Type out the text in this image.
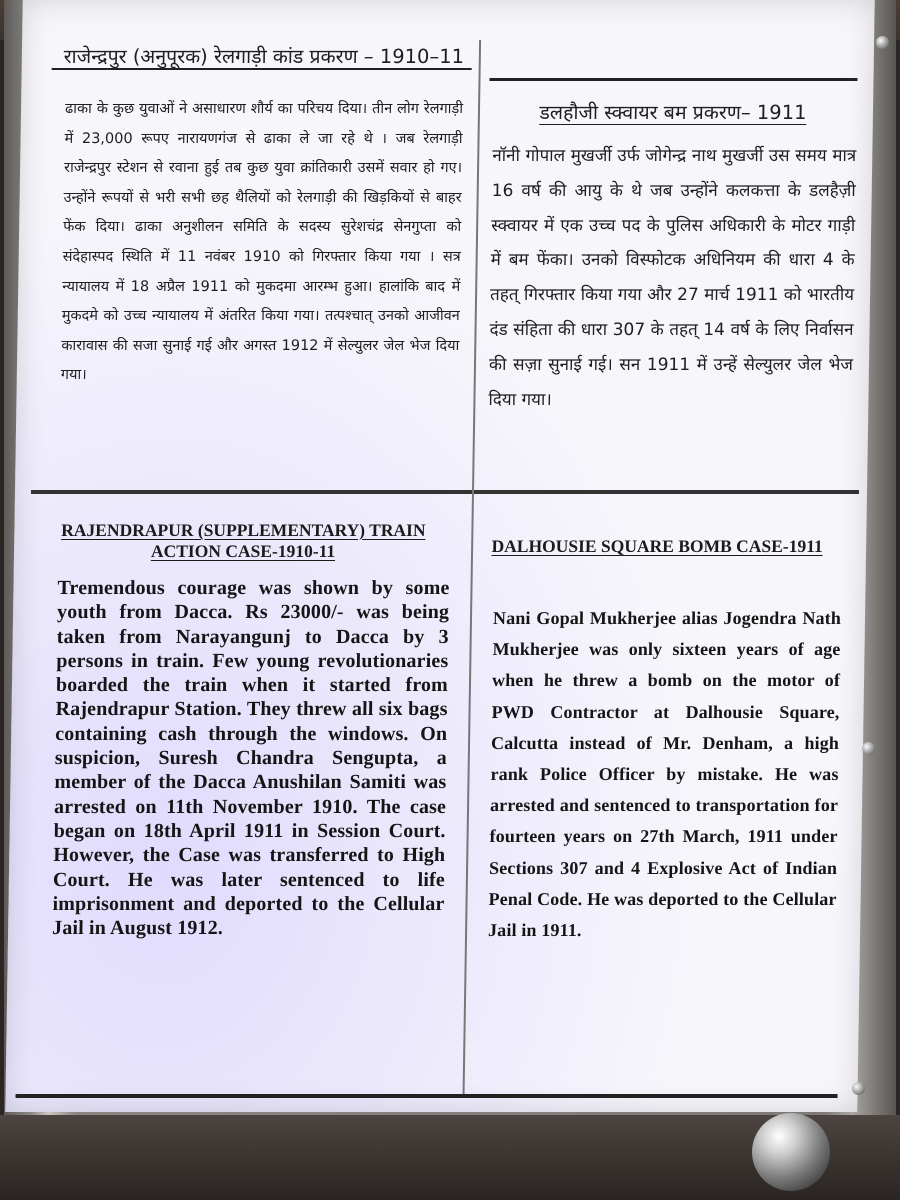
राजेन्द्रपुर (अनुपूरक) रेलगाड़ी कांड प्रकरण – 1910–11

ढाका के कुछ युवाओं ने असाधारण शौर्य का परिचय दिया। तीन लोग रेलगाड़ी में 23,000 रूपए नारायणगंज से ढाका ले जा रहे थे । जब रेलगाड़ी राजेन्द्रपुर स्टेशन से रवाना हुई तब कुछ युवा क्रांतिकारी उसमें सवार हो गए। उन्होंने रूपयों से भरी सभी छह थैलियों को रेलगाड़ी की खिड़कियों से बाहर फेंक दिया। ढाका अनुशीलन समिति के सदस्य सुरेशचंद्र सेनगुप्ता को संदेहास्पद स्थिति में 11 नवंबर 1910 को गिरफ्तार किया गया । सत्र न्यायालय में 18 अप्रैल 1911 को मुकदमा आरम्भ हुआ। हालांकि बाद में मुकदमे को उच्च न्यायालय में अंतरित किया गया। तत्पश्चात् उनको आजीवन कारावास की सजा सुनाई गई और अगस्त 1912 में सेल्युलर जेल भेज दिया गया।

डलहौजी स्क्वायर बम प्रकरण– 1911

नॉनी गोपाल मुखर्जी उर्फ जोगेन्द्र नाथ मुखर्जी उस समय मात्र 16 वर्ष की आयु के थे जब उन्होंने कलकत्ता के डलहैज़ी स्क्वायर में एक उच्च पद के पुलिस अधिकारी के मोटर गाड़ी में बम फेंका। उनको विस्फोटक अधिनियम की धारा 4 के तहत् गिरफ्तार किया गया और 27 मार्च 1911 को भारतीय दंड संहिता की धारा 307 के तहत् 14 वर्ष के लिए निर्वासन की सज़ा सुनाई गई। सन 1911 में उन्हें सेल्युलर जेल भेज दिया गया।

RAJENDRAPUR (SUPPLEMENTARY) TRAIN
ACTION CASE-1910-11

Tremendous courage was shown by some youth from Dacca. Rs 23000/- was being taken from Narayangunj to Dacca by 3 persons in train. Few young revolutionaries boarded the train when it started from Rajendrapur Station. They threw all six bags containing cash through the windows. On suspicion, Suresh Chandra Sengupta, a member of the Dacca Anushilan Samiti was arrested on 11th November 1910. The case began on 18th April 1911 in Session Court. However, the Case was transferred to High Court. He was later sentenced to life imprisonment and deported to the Cellular Jail in August 1912.

DALHOUSIE SQUARE BOMB CASE-1911

Nani Gopal Mukherjee alias Jogendra Nath Mukherjee was only sixteen years of age when he threw a bomb on the motor of PWD Contractor at Dalhousie Square, Calcutta instead of Mr. Denham, a high rank Police Officer by mistake. He was arrested and sentenced to transportation for fourteen years on 27th March, 1911 under Sections 307 and 4 Explosive Act of Indian Penal Code. He was deported to the Cellular Jail in 1911.
